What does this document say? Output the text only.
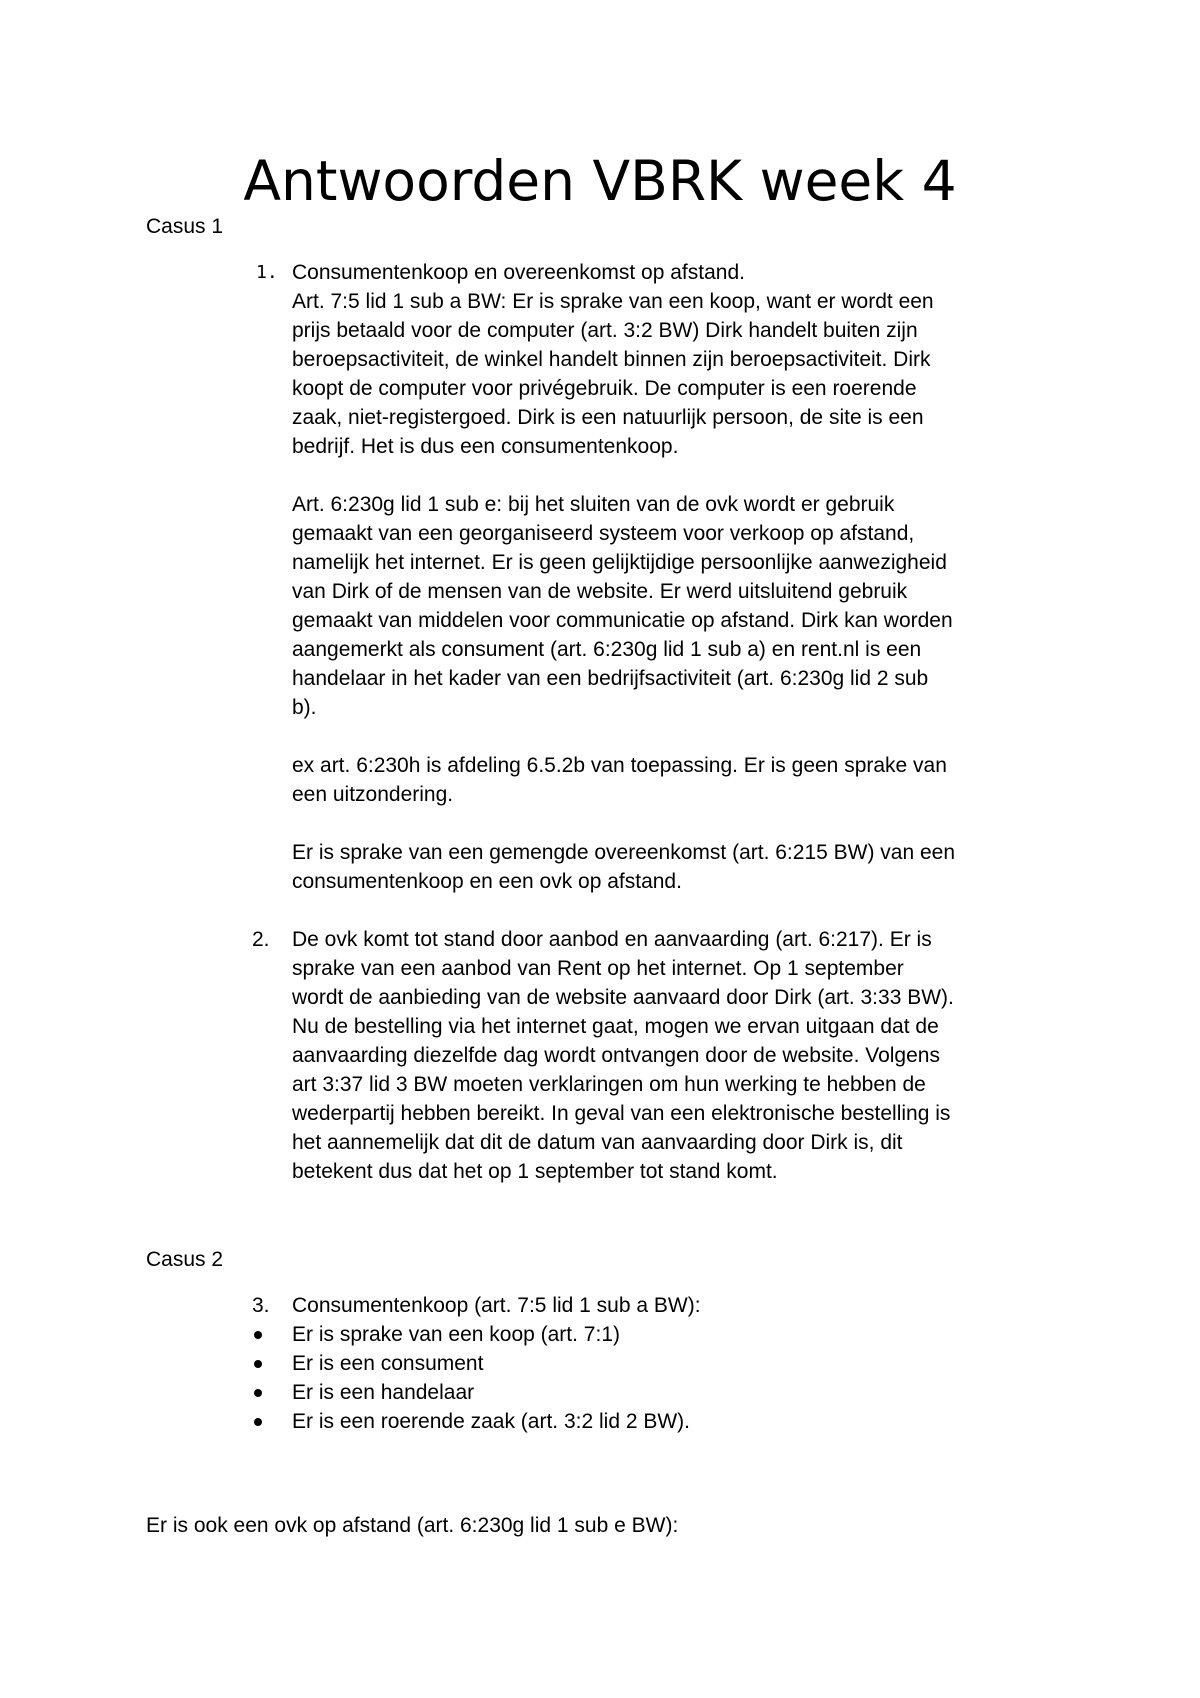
Antwoorden VBRK week 4
Casus 1
1. Consumentenkoop en overeenkomst op afstand.
Art. 7:5 lid 1 sub a BW: Er is sprake van een koop, want er wordt een
prijs betaald voor de computer (art. 3:2 BW) Dirk handelt buiten zijn
beroepsactiviteit, de winkel handelt binnen zijn beroepsactiviteit. Dirk
koopt de computer voor privégebruik. De computer is een roerende
zaak, niet-registergoed. Dirk is een natuurlijk persoon, de site is een
bedrijf. Het is dus een consumentenkoop.

Art. 6:230g lid 1 sub e: bij het sluiten van de ovk wordt er gebruik
gemaakt van een georganiseerd systeem voor verkoop op afstand,
namelijk het internet. Er is geen gelijktijdige persoonlijke aanwezigheid
van Dirk of de mensen van de website. Er werd uitsluitend gebruik
gemaakt van middelen voor communicatie op afstand. Dirk kan worden
aangemerkt als consument (art. 6:230g lid 1 sub a) en rent.nl is een
handelaar in het kader van een bedrijfsactiviteit (art. 6:230g lid 2 sub
b).

ex art. 6:230h is afdeling 6.5.2b van toepassing. Er is geen sprake van
een uitzondering.

Er is sprake van een gemengde overeenkomst (art. 6:215 BW) van een
consumentenkoop en een ovk op afstand.

2.	De ovk komt tot stand door aanbod en aanvaarding (art. 6:217). Er is
sprake van een aanbod van Rent op het internet. Op 1 september
wordt de aanbieding van de website aanvaard door Dirk (art. 3:33 BW).
Nu de bestelling via het internet gaat, mogen we ervan uitgaan dat de
aanvaarding diezelfde dag wordt ontvangen door de website. Volgens
art 3:37 lid 3 BW moeten verklaringen om hun werking te hebben de
wederpartij hebben bereikt. In geval van een elektronische bestelling is
het aannemelijk dat dit de datum van aanvaarding door Dirk is, dit
betekent dus dat het op 1 september tot stand komt.

Casus 2
3.	Consumentenkoop (art. 7:5 lid 1 sub a BW):
Er is sprake van een koop (art. 7:1)
Er is een consument
Er is een handelaar
Er is een roerende zaak (art. 3:2 lid 2 BW).

Er is ook een ovk op afstand (art. 6:230g lid 1 sub e BW):
